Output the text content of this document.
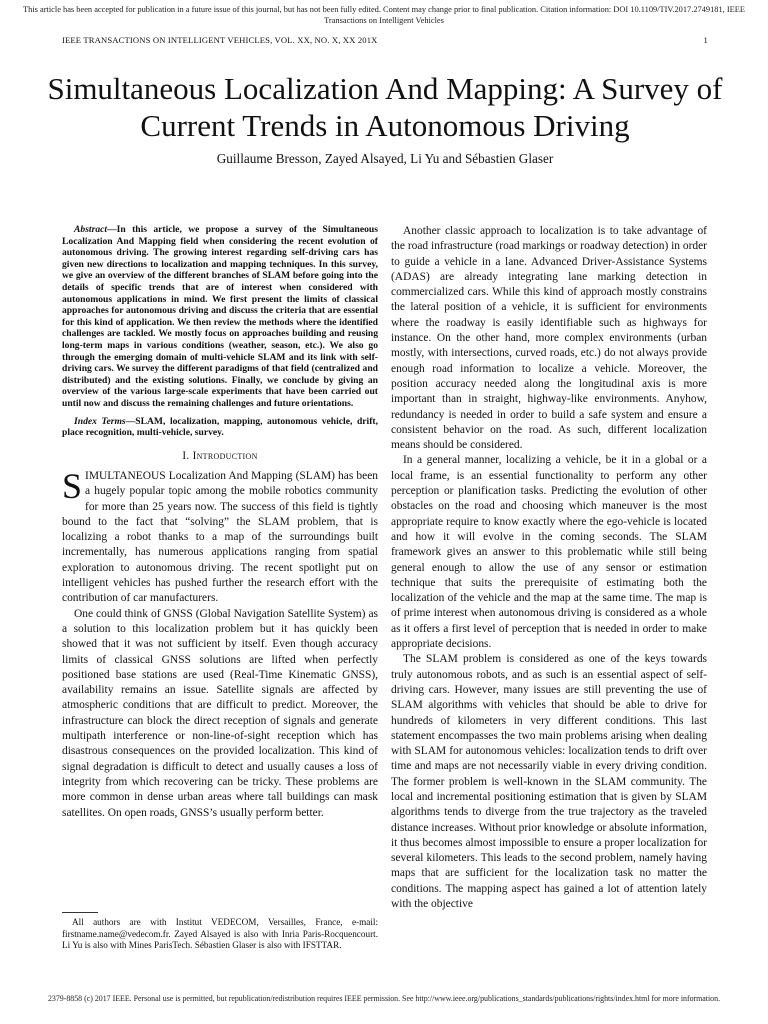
This article has been accepted for publication in a future issue of this journal, but has not been fully edited. Content may change prior to final publication. Citation information: DOI 10.1109/TIV.2017.2749181, IEEE
Transactions on Intelligent Vehicles
IEEE TRANSACTIONS ON INTELLIGENT VEHICLES, VOL. XX, NO. X, XX 201X	1
Simultaneous Localization And Mapping: A Survey of Current Trends in Autonomous Driving
Guillaume Bresson, Zayed Alsayed, Li Yu and Sébastien Glaser

Abstract—In this article, we propose a survey of the Simultaneous Localization And Mapping field when considering the recent evolution of autonomous driving. The growing interest regarding self-driving cars has given new directions to localization and mapping techniques. In this survey, we give an overview of the different branches of SLAM before going into the details of specific trends that are of interest when considered with autonomous applications in mind. We first present the limits of classical approaches for autonomous driving and discuss the criteria that are essential for this kind of application. We then review the methods where the identified challenges are tackled. We mostly focus on approaches building and reusing long-term maps in various conditions (weather, season, etc.). We also go through the emerging domain of multi-vehicle SLAM and its link with self-driving cars. We survey the different paradigms of that field (centralized and distributed) and the existing solutions. Finally, we conclude by giving an overview of the various large-scale experiments that have been carried out until now and discuss the remaining challenges and future orientations.

Index Terms—SLAM, localization, mapping, autonomous vehicle, drift, place recognition, multi-vehicle, survey.

I. Introduction

SIMULTANEOUS Localization And Mapping (SLAM) has been a hugely popular topic among the mobile robotics community for more than 25 years now. The success of this field is tightly bound to the fact that “solving” the SLAM problem, that is localizing a robot thanks to a map of the surroundings built incrementally, has numerous applications ranging from spatial exploration to autonomous driving. The recent spotlight put on intelligent vehicles has pushed further the research effort with the contribution of car manufacturers.

One could think of GNSS (Global Navigation Satellite System) as a solution to this localization problem but it has quickly been showed that it was not sufficient by itself. Even though accuracy limits of classical GNSS solutions are lifted when perfectly positioned base stations are used (Real-Time Kinematic GNSS), availability remains an issue. Satellite signals are affected by atmospheric conditions that are difficult to predict. Moreover, the infrastructure can block the direct reception of signals and generate multipath interference or non-line-of-sight reception which has disastrous consequences on the provided localization. This kind of signal degradation is difficult to detect and usually causes a loss of integrity from which recovering can be tricky. These problems are more common in dense urban areas where tall buildings can mask satellites. On open roads, GNSS’s usually perform better.

All authors are with Institut VEDECOM, Versailles, France, e-mail: firstname.name@vedecom.fr. Zayed Alsayed is also with Inria Paris-Rocquencourt. Li Yu is also with Mines ParisTech. Sébastien Glaser is also with IFSTTAR.

Another classic approach to localization is to take advantage of the road infrastructure (road markings or roadway detection) in order to guide a vehicle in a lane. Advanced Driver-Assistance Systems (ADAS) are already integrating lane marking detection in commercialized cars. While this kind of approach mostly constrains the lateral position of a vehicle, it is sufficient for environments where the roadway is easily identifiable such as highways for instance. On the other hand, more complex environments (urban mostly, with intersections, curved roads, etc.) do not always provide enough road information to localize a vehicle. Moreover, the position accuracy needed along the longitudinal axis is more important than in straight, highway-like environments. Anyhow, redundancy is needed in order to build a safe system and ensure a consistent behavior on the road. As such, different localization means should be considered.

In a general manner, localizing a vehicle, be it in a global or a local frame, is an essential functionality to perform any other perception or planification tasks. Predicting the evolution of other obstacles on the road and choosing which maneuver is the most appropriate require to know exactly where the ego-vehicle is located and how it will evolve in the coming seconds. The SLAM framework gives an answer to this problematic while still being general enough to allow the use of any sensor or estimation technique that suits the prerequisite of estimating both the localization of the vehicle and the map at the same time. The map is of prime interest when autonomous driving is considered as a whole as it offers a first level of perception that is needed in order to make appropriate decisions.

The SLAM problem is considered as one of the keys towards truly autonomous robots, and as such is an essential aspect of self-driving cars. However, many issues are still preventing the use of SLAM algorithms with vehicles that should be able to drive for hundreds of kilometers in very different conditions. This last statement encompasses the two main problems arising when dealing with SLAM for autonomous vehicles: localization tends to drift over time and maps are not necessarily viable in every driving condition. The former problem is well-known in the SLAM community. The local and incremental positioning estimation that is given by SLAM algorithms tends to diverge from the true trajectory as the traveled distance increases. Without prior knowledge or absolute information, it thus becomes almost impossible to ensure a proper localization for several kilometers. This leads to the second problem, namely having maps that are sufficient for the localization task no matter the conditions. The mapping aspect has gained a lot of attention lately with the objective

2379-8858 (c) 2017 IEEE. Personal use is permitted, but republication/redistribution requires IEEE permission. See http://www.ieee.org/publications_standards/publications/rights/index.html for more information.
